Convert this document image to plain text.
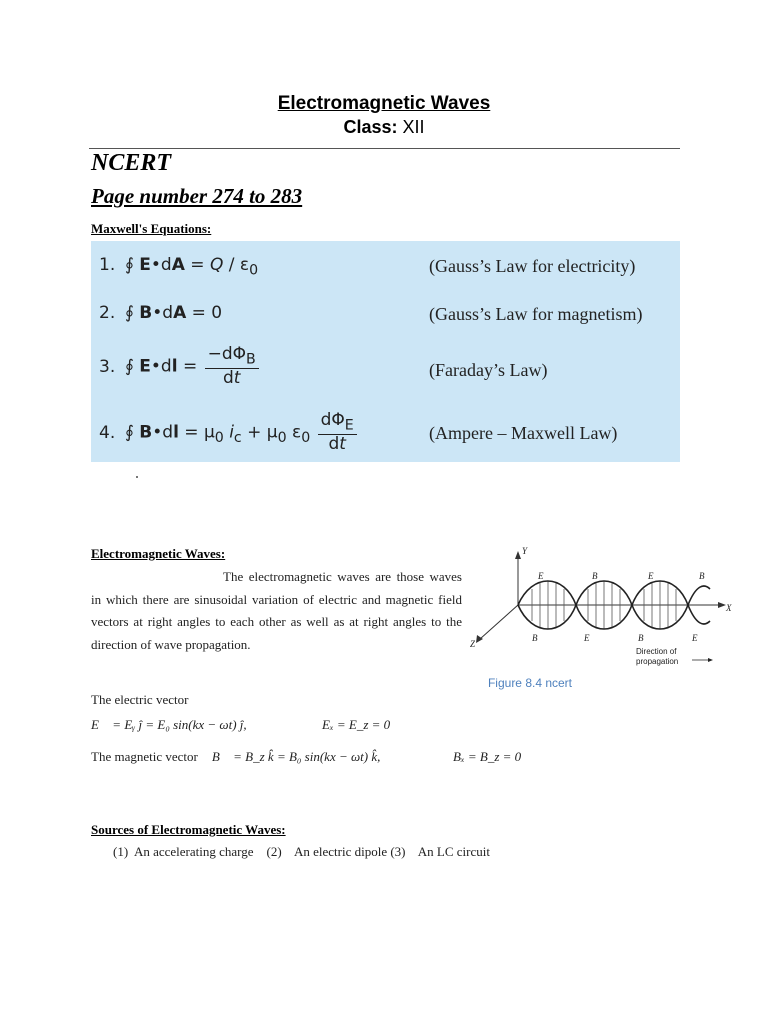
Electromagnetic Waves
Class: XII
NCERT
Page number 274 to 283
Maxwell's Equations:
1. ∮ E•dA = Q / $\varepsilon_0$	(Gauss’s Law for electricity)
2. ∮ B•dA = 0	(Gauss’s Law for magnetism)
3. ∮ E•dl = $\frac{-d\Phi_B}{dt}$	(Faraday’s Law)
4. ∮ B•dl = $\mu_0$ $i_c + \mu_0$ $\varepsilon_0 \frac{d\Phi_E}{dt}$	(Ampere – Maxwell Law)
Electromagnetic Waves:
The electromagnetic waves are those waves in which there are sinusoidal variation of electric and magnetic field vectors at right angles to each other as well as at right angles to the direction of wave propagation.
Y
X
Z
E	B	E	B
B	E	B	E
Direction of
propagation
Figure 8.4 ncert
The electric vector
E⃗ = Eᵧ ĵ = E₀ sin(kx − ωt) ĵ,	Eₓ = E_z = 0
The magnetic vector B⃗ = B_z k̂ = B₀ sin(kx − ωt) k̂,	Bₓ = B_z = 0
Sources of Electromagnetic Waves:
(1)  An accelerating charge    (2)    An electric dipole (3)    An LC circuit
